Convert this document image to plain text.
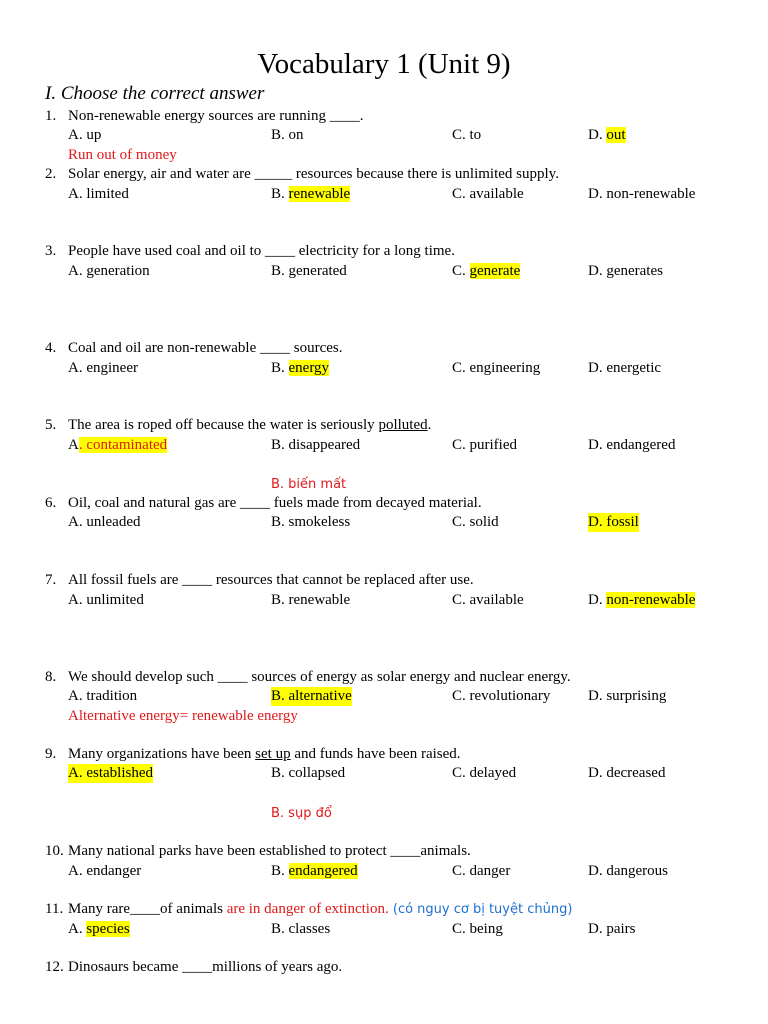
Vocabulary 1 (Unit 9)
I. Choose the correct answer
1. Non-renewable energy sources are running ____.
A. up	B. on	C. to	D. out
Run out of money
2. Solar energy, air and water are _____ resources because there is unlimited supply.
A. limited	B. renewable	C. available	D. non-renewable
3. People have used coal and oil to ____ electricity for a long time.
A. generation	B. generated	C. generate	D. generates
4. Coal and oil are non-renewable ____ sources.
A. engineer	B. energy	C. engineering	D. energetic
5. The area is roped off because the water is seriously polluted.
A. contaminated	B. disappeared	C. purified	D. endangered
B. biến mất
6. Oil, coal and natural gas are ____ fuels made from decayed material.
A. unleaded	B. smokeless	C. solid	D. fossil
7. All fossil fuels are ____ resources that cannot be replaced after use.
A. unlimited	B. renewable	C. available	D. non-renewable
8. We should develop such ____ sources of energy as solar energy and nuclear energy.
A. tradition	B. alternative	C. revolutionary	D. surprising
Alternative energy= renewable energy
9. Many organizations have been set up and funds have been raised.
A. established	B. collapsed	C. delayed	D. decreased
B. sụp đổ
10. Many national parks have been established to protect ____animals.
A. endanger	B. endangered	C. danger	D. dangerous
11. Many rare____of animals are in danger of extinction. (có nguy cơ bị tuyệt chủng)
A. species	B. classes	C. being	D. pairs
12. Dinosaurs became ____millions of years ago.
